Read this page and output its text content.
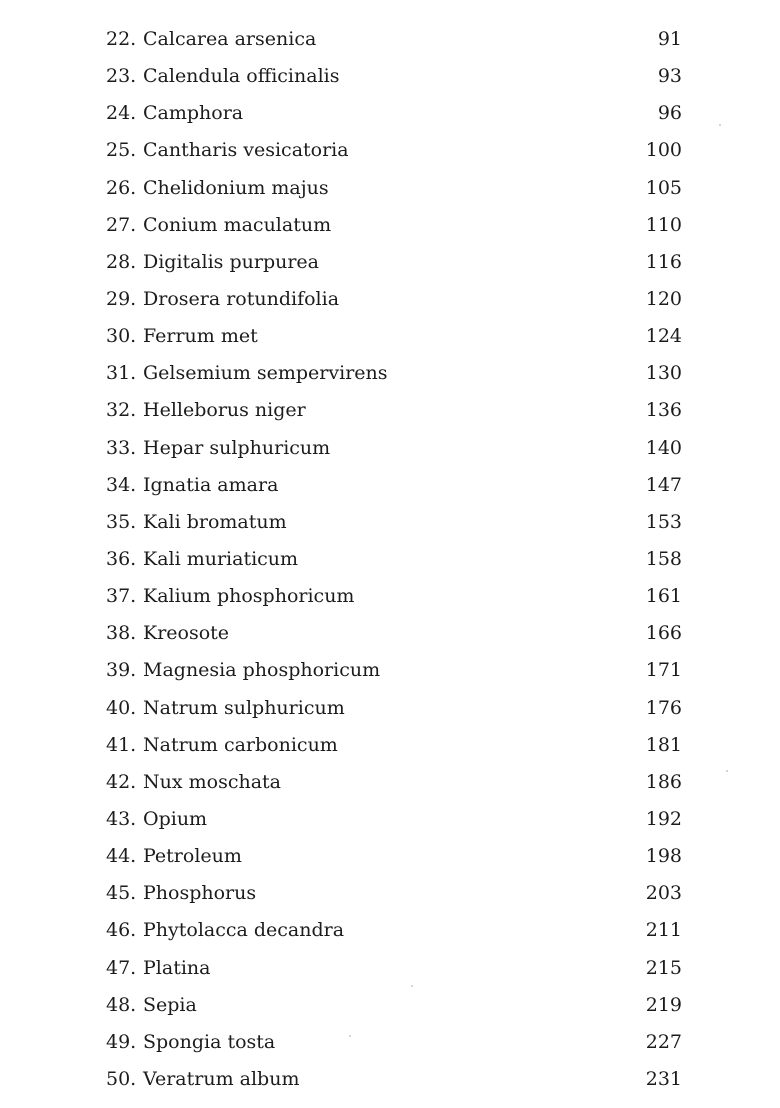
22. Calcarea arsenica	91
23. Calendula officinalis	93
24. Camphora	96
25. Cantharis vesicatoria	100
26. Chelidonium majus	105
27. Conium maculatum	110
28. Digitalis purpurea	116
29. Drosera rotundifolia	120
30. Ferrum met	124
31. Gelsemium sempervirens	130
32. Helleborus niger	136
33. Hepar sulphuricum	140
34. Ignatia amara	147
35. Kali bromatum	153
36. Kali muriaticum	158
37. Kalium phosphoricum	161
38. Kreosote	166
39. Magnesia phosphoricum	171
40. Natrum sulphuricum	176
41. Natrum carbonicum	181
42. Nux moschata	186
43. Opium	192
44. Petroleum	198
45. Phosphorus	203
46. Phytolacca decandra	211
47. Platina	215
48. Sepia	219
49. Spongia tosta	227
50. Veratrum album	231
